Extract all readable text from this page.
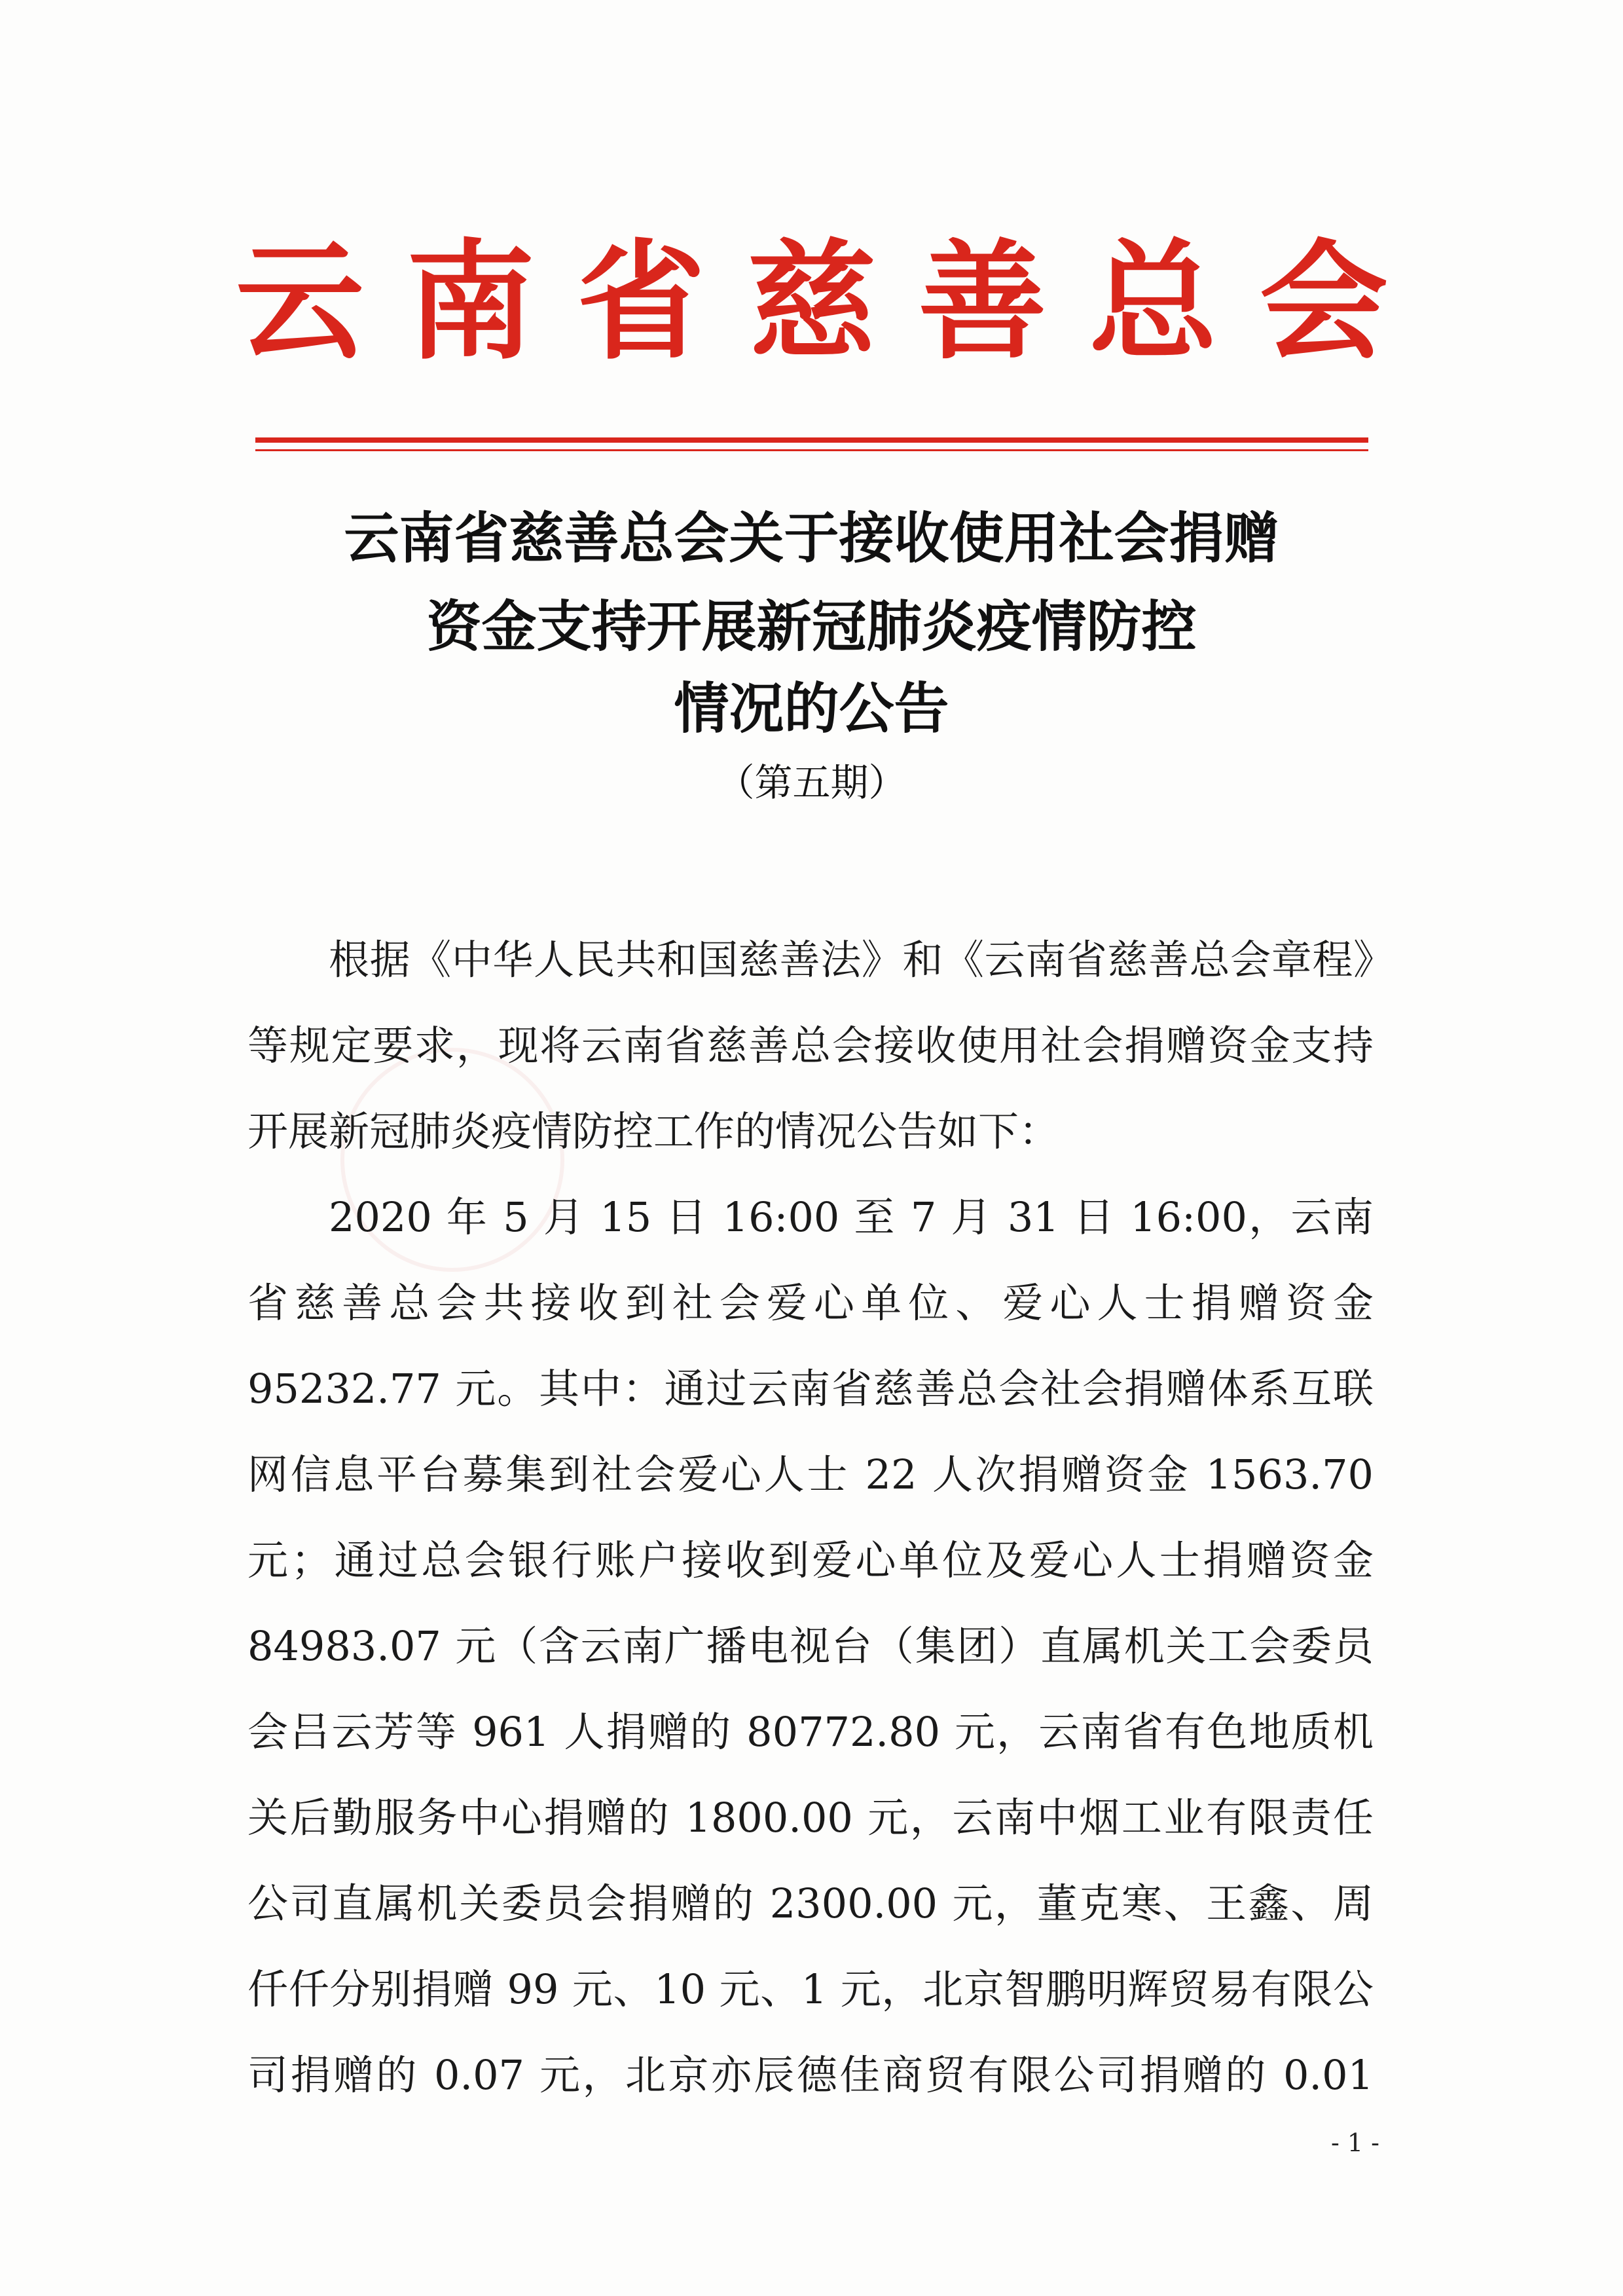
云 南 省 慈 善 总 会
云南省慈善总会关于接收使用社会捐赠
资金支持开展新冠肺炎疫情防控
情况的公告
（第五期）

根据《中华人民共和国慈善法》和《云南省慈善总会章程》等规定要求，现将云南省慈善总会接收使用社会捐赠资金支持开展新冠肺炎疫情防控工作的情况公告如下：

2020 年 5 月 15 日 16:00 至 7 月 31 日 16:00，云南省慈善总会共接收到社会爱心单位、爱心人士捐赠资金 95232.77 元。其中：通过云南省慈善总会社会捐赠体系互联网信息平台募集到社会爱心人士 22 人次捐赠资金 1563.70 元；通过总会银行账户接收到爱心单位及爱心人士捐赠资金 84983.07 元（含云南广播电视台（集团）直属机关工会委员会吕云芳等 961 人捐赠的 80772.80 元，云南省有色地质机关后勤服务中心捐赠的 1800.00 元，云南中烟工业有限责任公司直属机关委员会捐赠的 2300.00 元，董克寒、王鑫、周仟仟分别捐赠 99 元、10 元、1 元，北京智鹏明辉贸易有限公司捐赠的 0.07 元，北京亦辰德佳商贸有限公司捐赠的 0.01

- 1 -
